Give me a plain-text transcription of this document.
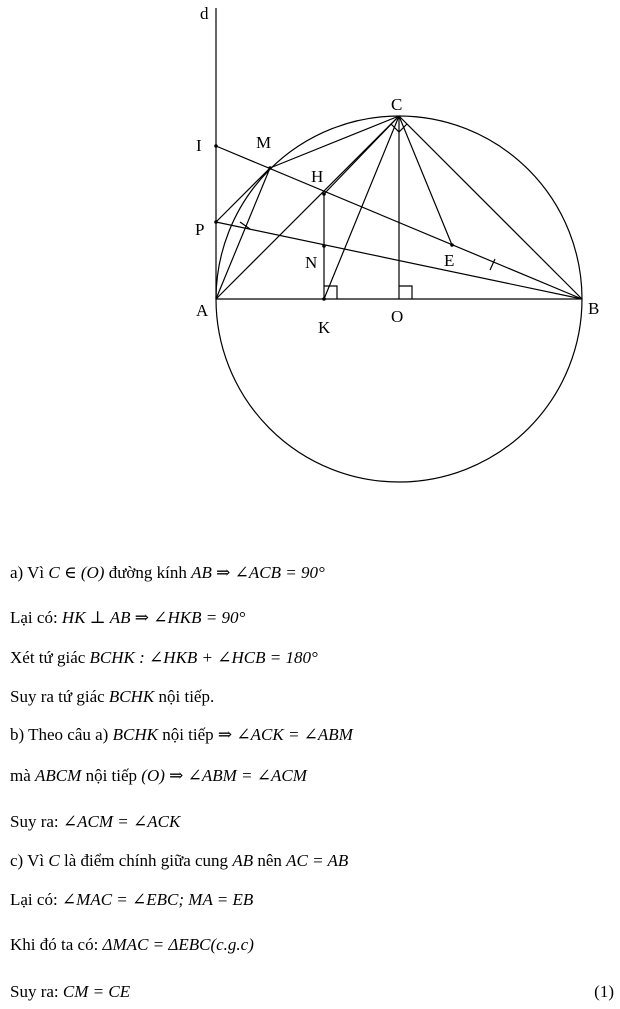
d
I	M
C
H
P
N	E
A
K
O	B
a) Vì C ∈ (O) đường kính AB ⇒ ∠ACB = 90°
Lại có: HK ⊥ AB ⇒ ∠HKB = 90°
Xét tứ giác BCHK : ∠HKB + ∠HCB = 180°
Suy ra tứ giác BCHK nội tiếp.
b) Theo câu a) BCHK nội tiếp ⇒ ∠ACK = ∠ABM
mà ABCM nội tiếp (O) ⇒ ∠ABM = ∠ACM
Suy ra: ∠ACM = ∠ACK
c) Vì C là điểm chính giữa cung AB nên AC = AB
Lại có: ∠MAC = ∠EBC; MA = EB
Khi đó ta có: ΔMAC = ΔEBC(c.g.c)
Suy ra: CM = CE	(1)
